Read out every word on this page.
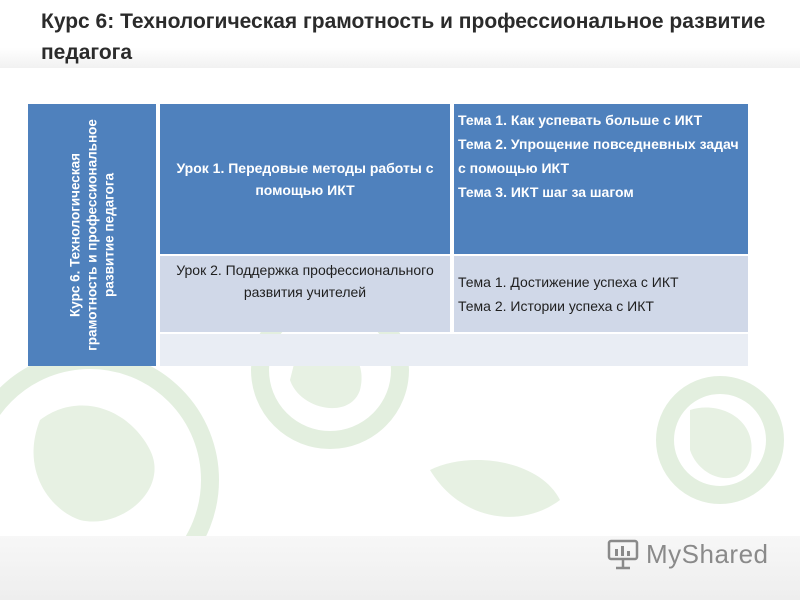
Курс 6: Технологическая грамотность и профессиональное развитие педагога
Курс 6. Технологическая грамотность и профессиональное развитие педагога
Урок 1. Передовые методы работы с помощью ИКТ
Тема 1. Как успевать больше с ИКТ
Тема 2. Упрощение повседневных задач с помощью ИКТ
Тема 3. ИКТ шаг за шагом
Урок 2. Поддержка профессионального развития учителей
Тема 1. Достижение успеха с ИКТ
Тема 2. Истории успеха с ИКТ
MyShared
